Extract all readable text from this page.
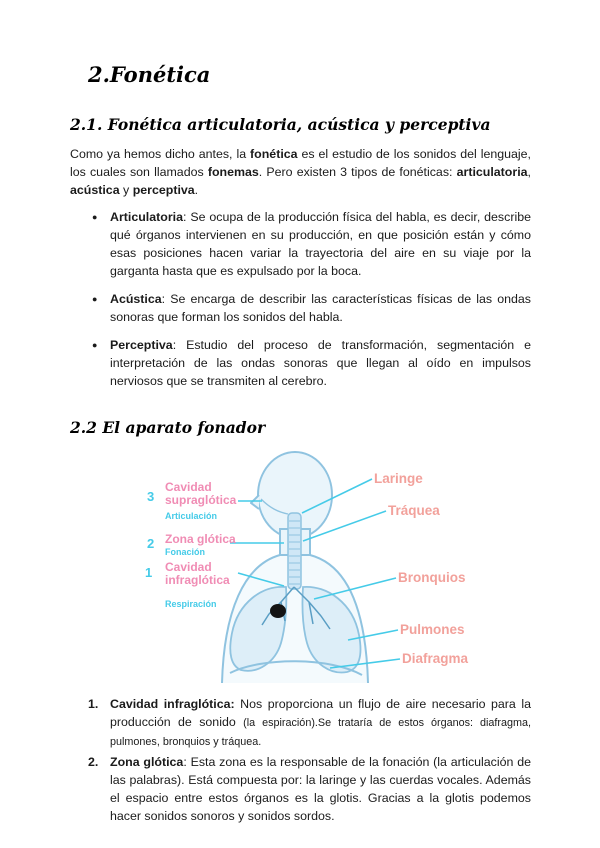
2.Fonética
2.1. Fonética articulatoria, acústica y perceptiva
Como ya hemos dicho antes, la fonética es el estudio de los sonidos del lenguaje, los cuales son llamados fonemas. Pero existen 3 tipos de fonéticas: articulatoria, acústica y perceptiva.
●	Articulatoria: Se ocupa de la producción física del habla, es decir, describe qué órganos intervienen en su producción, en que posición están y cómo esas posiciones hacen variar la trayectoria del aire en su viaje por la garganta hasta que es expulsado por la boca.
●	Acústica: Se encarga de describir las características físicas de las ondas sonoras que forman los sonidos del habla.
●	Perceptiva: Estudio del proceso de transformación, segmentación e interpretación de las ondas sonoras que llegan al oído en impulsos nerviosos que se transmiten al cerebro.
2.2 El aparato fonador
3
Cavidad supraglótica
Articulación
2 Zona glótica
Fonación
1 Cavidad infraglótica
Respiración
Laringe
Tráquea
Bronquios
Pulmones
Diafragma
1. Cavidad infraglótica: Nos proporciona un flujo de aire necesario para la producción de sonido (la espiración).Se trataría de estos órganos: diafragma, pulmones, bronquios y tráquea.
2. Zona glótica: Esta zona es la responsable de la fonación (la articulación de las palabras). Está compuesta por: la laringe y las cuerdas vocales. Además el espacio entre estos órganos es la glotis. Gracias a la glotis podemos hacer sonidos sonoros y sonidos sordos.
